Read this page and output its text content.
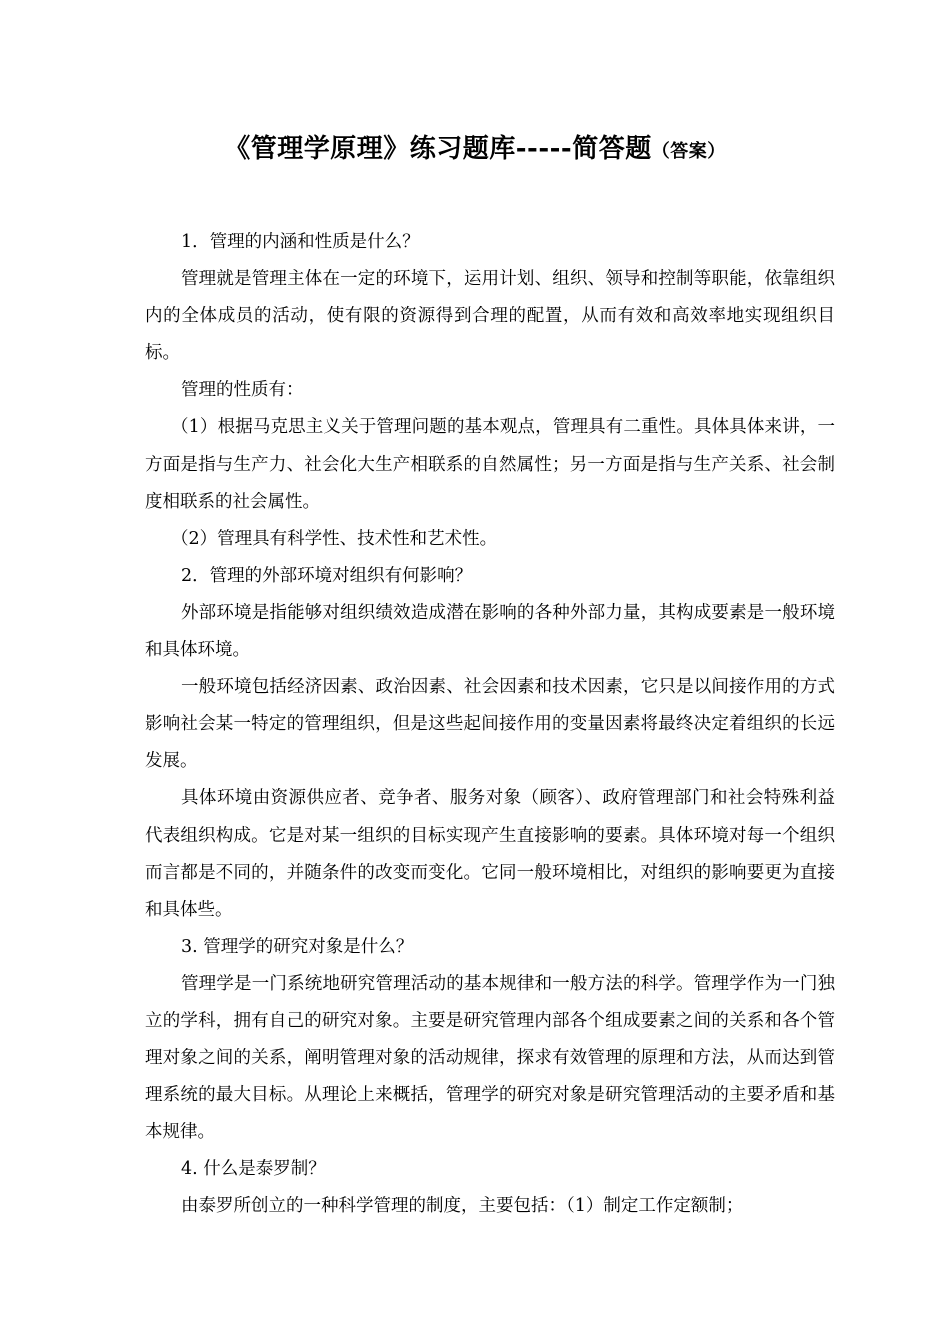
《管理学原理》练习题库-----简答题（答案）

1．管理的内涵和性质是什么？

管理就是管理主体在一定的环境下，运用计划、组织、领导和控制等职能，依靠组织内的全体成员的活动，使有限的资源得到合理的配置，从而有效和高效率地实现组织目标。

管理的性质有：

（1）根据马克思主义关于管理问题的基本观点，管理具有二重性。具体具体来讲，一方面是指与生产力、社会化大生产相联系的自然属性；另一方面是指与生产关系、社会制度相联系的社会属性。

（2）管理具有科学性、技术性和艺术性。

2．管理的外部环境对组织有何影响？

外部环境是指能够对组织绩效造成潜在影响的各种外部力量，其构成要素是一般环境和具体环境。

一般环境包括经济因素、政治因素、社会因素和技术因素，它只是以间接作用的方式影响社会某一特定的管理组织，但是这些起间接作用的变量因素将最终决定着组织的长远发展。

具体环境由资源供应者、竞争者、服务对象（顾客）、政府管理部门和社会特殊利益代表组织构成。它是对某一组织的目标实现产生直接影响的要素。具体环境对每一个组织而言都是不同的，并随条件的改变而变化。它同一般环境相比，对组织的影响要更为直接和具体些。

3. 管理学的研究对象是什么？

管理学是一门系统地研究管理活动的基本规律和一般方法的科学。管理学作为一门独立的学科，拥有自己的研究对象。主要是研究管理内部各个组成要素之间的关系和各个管理对象之间的关系，阐明管理对象的活动规律，探求有效管理的原理和方法，从而达到管理系统的最大目标。从理论上来概括，管理学的研究对象是研究管理活动的主要矛盾和基本规律。

4. 什么是泰罗制？

由泰罗所创立的一种科学管理的制度，主要包括：（1）制定工作定额制；
